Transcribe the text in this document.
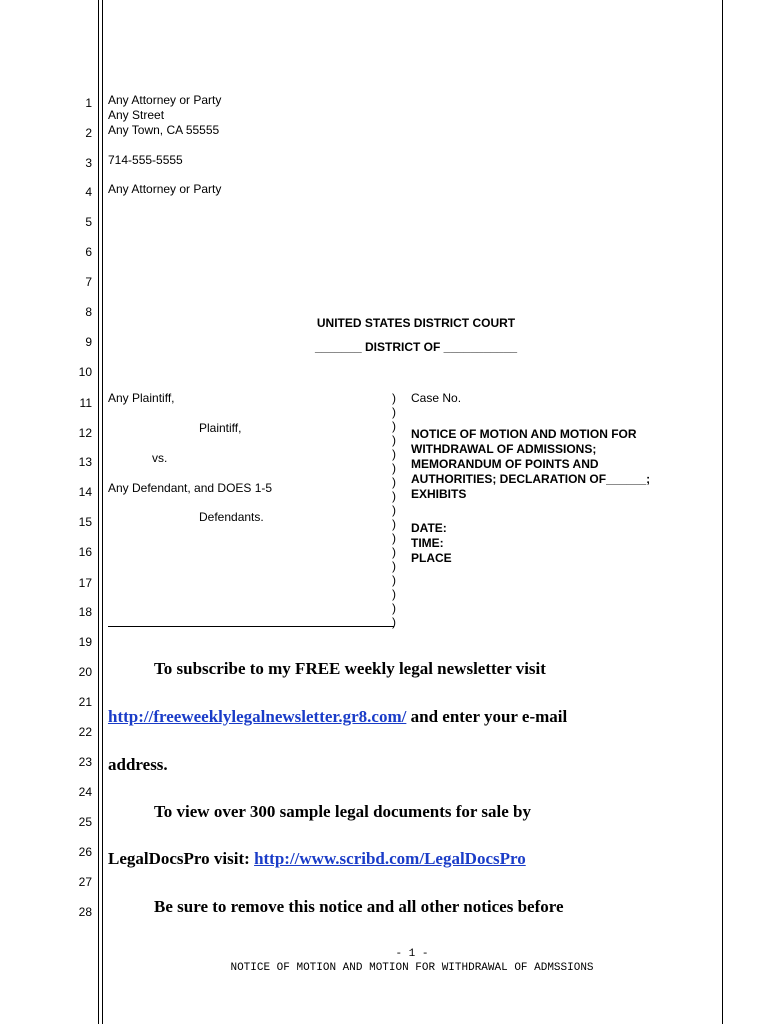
1
2
3
4
5
6
7
8
9
10
11
12
13
14
15
16
17
18
19
20
21
22
23
24
25
26
27
28
Any Attorney or Party
Any Street
Any Town, CA 55555
714-555-5555
Any Attorney or Party
UNITED STATES DISTRICT COURT
_______ DISTRICT OF ___________
Any Plaintiff,
Plaintiff,
vs.
Any Defendant, and DOES 1-5
Defendants.
)
)
)
)
)
)
)
)
)
)
)
)
)
)
)
)
)
Case No.
NOTICE OF MOTION AND MOTION FOR
WITHDRAWAL OF ADMISSIONS;
MEMORANDUM OF POINTS AND
AUTHORITIES; DECLARATION OF______;
EXHIBITS
DATE:
TIME:
PLACE
To subscribe to my FREE weekly legal newsletter visit
http://freeweeklylegalnewsletter.gr8.com/ and enter your e-mail
address.
To view over 300 sample legal documents for sale by
LegalDocsPro visit: http://www.scribd.com/LegalDocsPro
Be sure to remove this notice and all other notices before
- 1 -
NOTICE OF MOTION AND MOTION FOR WITHDRAWAL OF ADMSSIONS
